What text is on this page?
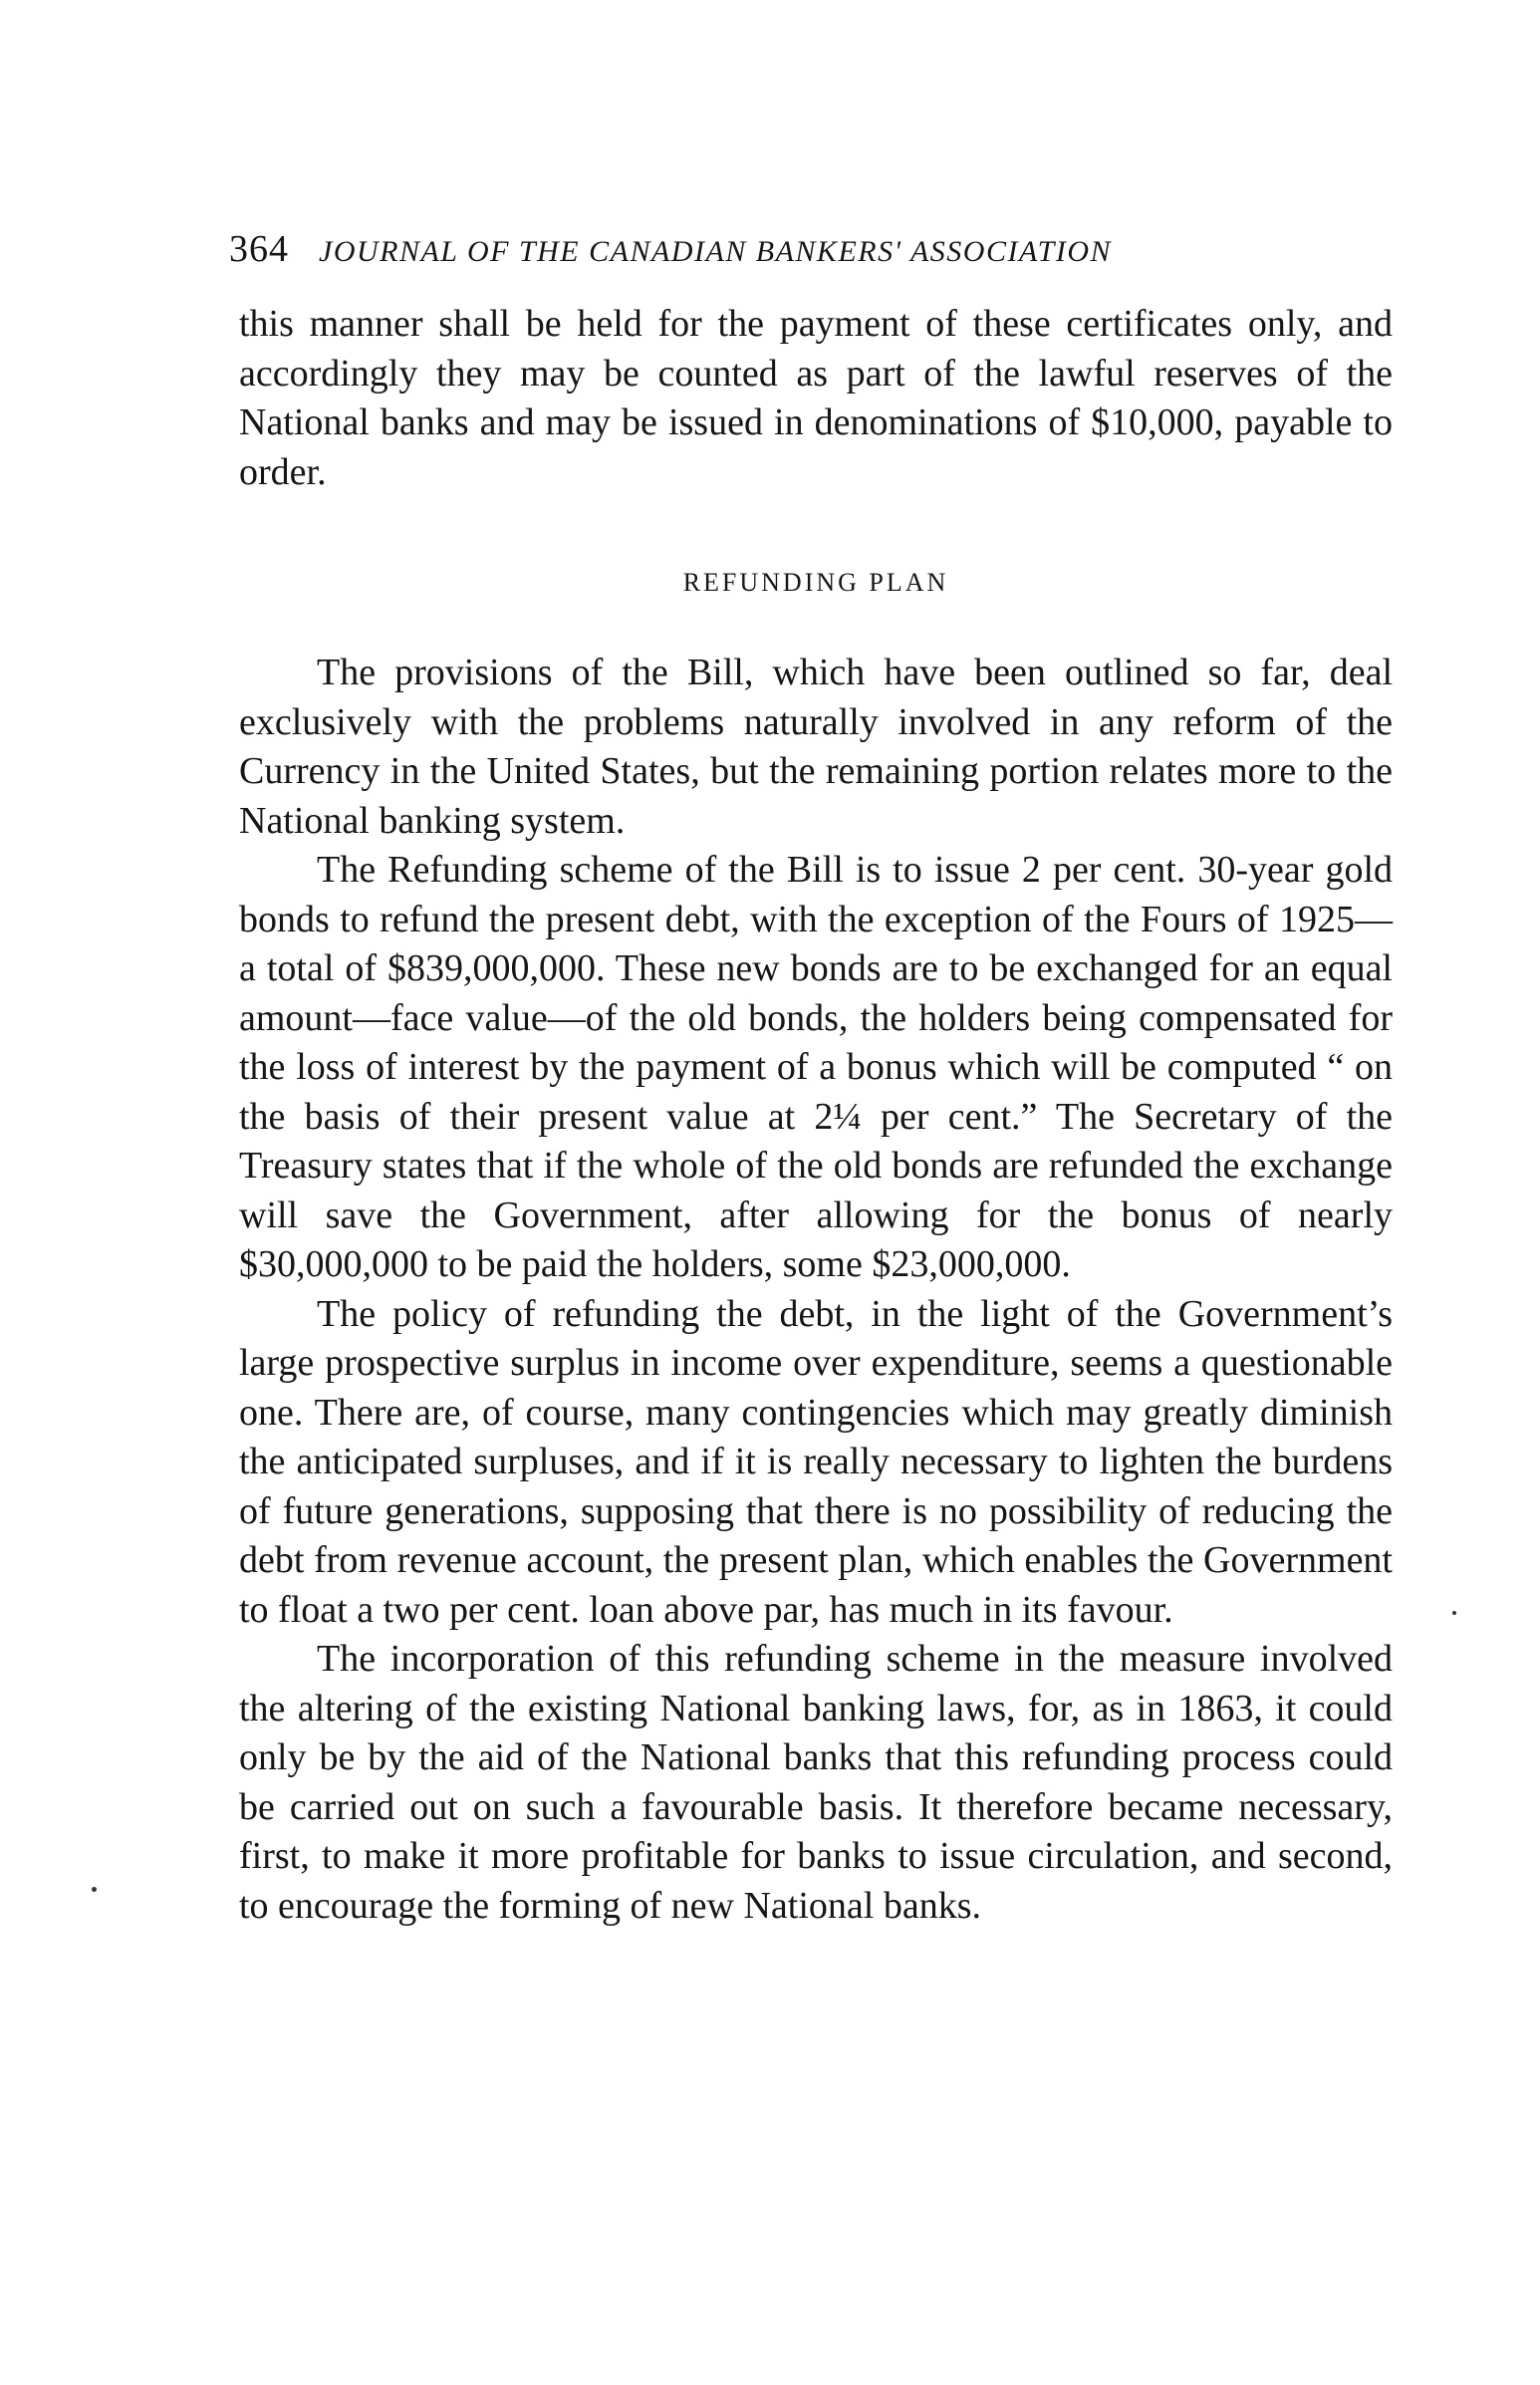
364 JOURNAL OF THE CANADIAN BANKERS' ASSOCIATION

this manner shall be held for the payment of these certificates only, and accordingly they may be counted as part of the lawful reserves of the National banks and may be issued in denominations of $10,000, payable to order.

REFUNDING PLAN

The provisions of the Bill, which have been outlined so far, deal exclusively with the problems naturally involved in any reform of the Currency in the United States, but the remaining portion relates more to the National banking system.

The Refunding scheme of the Bill is to issue 2 per cent. 30-year gold bonds to refund the present debt, with the exception of the Fours of 1925—a total of $839,000,000. These new bonds are to be exchanged for an equal amount—face value—of the old bonds, the holders being compensated for the loss of interest by the payment of a bonus which will be computed “ on the basis of their present value at 2¼ per cent.” The Secretary of the Treasury states that if the whole of the old bonds are refunded the exchange will save the Government, after allowing for the bonus of nearly $30,000,000 to be paid the holders, some $23,000,000.

The policy of refunding the debt, in the light of the Government’s large prospective surplus in income over expenditure, seems a questionable one. There are, of course, many contingencies which may greatly diminish the anticipated surpluses, and if it is really necessary to lighten the burdens of future generations, supposing that there is no possibility of reducing the debt from revenue account, the present plan, which enables the Government to float a two per cent. loan above par, has much in its favour.

The incorporation of this refunding scheme in the measure involved the altering of the existing National banking laws, for, as in 1863, it could only be by the aid of the National banks that this refunding process could be carried out on such a favourable basis. It therefore became necessary, first, to make it more profitable for banks to issue circulation, and second, to encourage the forming of new National banks.
